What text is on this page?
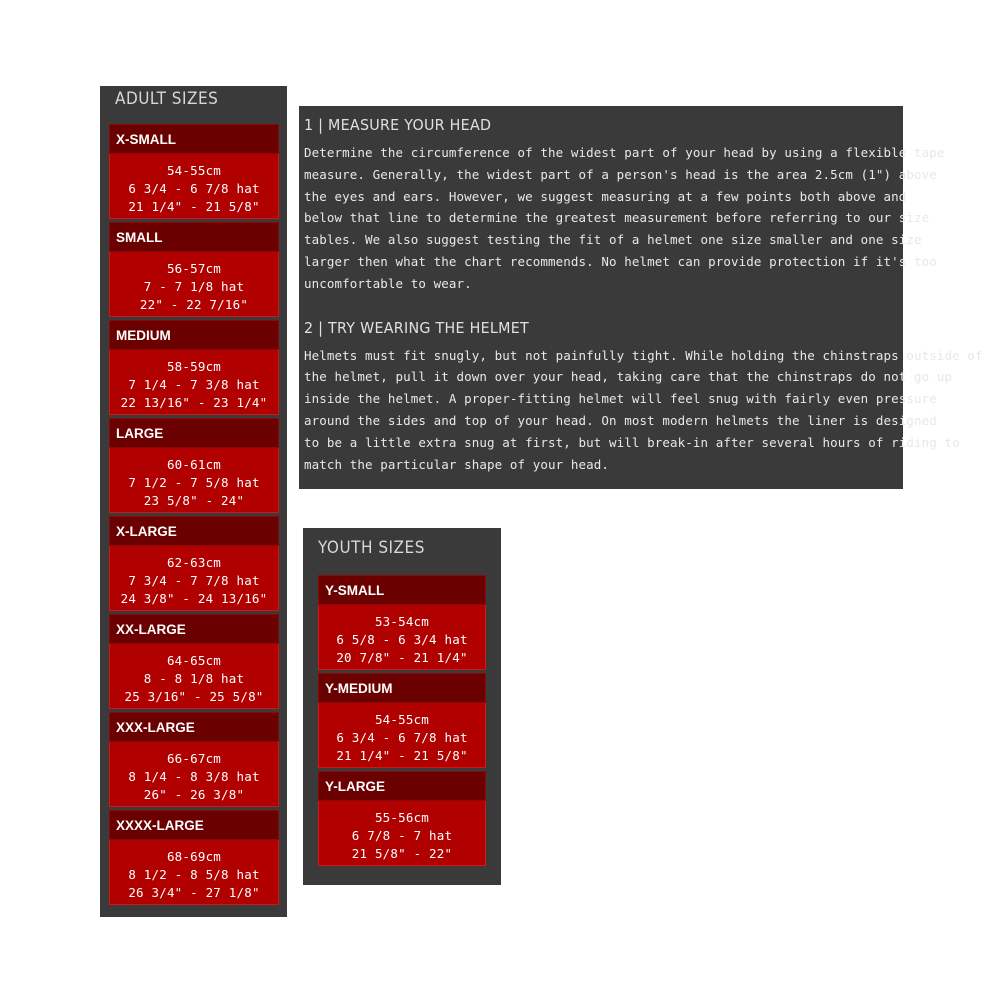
ADULT SIZES
X-SMALL
54-55cm
6 3/4 - 6 7/8 hat
21 1/4" - 21 5/8"
SMALL
56-57cm
7 - 7 1/8 hat
22" - 22 7/16"
MEDIUM
58-59cm
7 1/4 - 7 3/8 hat
22 13/16" - 23 1/4"
LARGE
60-61cm
7 1/2 - 7 5/8 hat
23 5/8" - 24"
X-LARGE
62-63cm
7 3/4 - 7 7/8 hat
24 3/8" - 24 13/16"
XX-LARGE
64-65cm
8 - 8 1/8 hat
25 3/16" - 25 5/8"
XXX-LARGE
66-67cm
8 1/4 - 8 3/8 hat
26" - 26 3/8"
XXXX-LARGE
68-69cm
8 1/2 - 8 5/8 hat
26 3/4" - 27 1/8"
1 | MEASURE YOUR HEAD
Determine the circumference of the widest part of your head by using a flexible tape
measure. Generally, the widest part of a person's head is the area 2.5cm (1") above
the eyes and ears. However, we suggest measuring at a few points both above and
below that line to determine the greatest measurement before referring to our size
tables. We also suggest testing the fit of a helmet one size smaller and one size
larger then what the chart recommends. No helmet can provide protection if it's too
uncomfortable to wear.
2 | TRY WEARING THE HELMET
Helmets must fit snugly, but not painfully tight. While holding the chinstraps outside of
the helmet, pull it down over your head, taking care that the chinstraps do not go up
inside the helmet. A proper-fitting helmet will feel snug with fairly even pressure
around the sides and top of your head. On most modern helmets the liner is designed
to be a little extra snug at first, but will break-in after several hours of riding to
match the particular shape of your head.
YOUTH SIZES
Y-SMALL
53-54cm
6 5/8 - 6 3/4 hat
20 7/8" - 21 1/4"
Y-MEDIUM
54-55cm
6 3/4 - 6 7/8 hat
21 1/4" - 21 5/8"
Y-LARGE
55-56cm
6 7/8 - 7 hat
21 5/8" - 22"
